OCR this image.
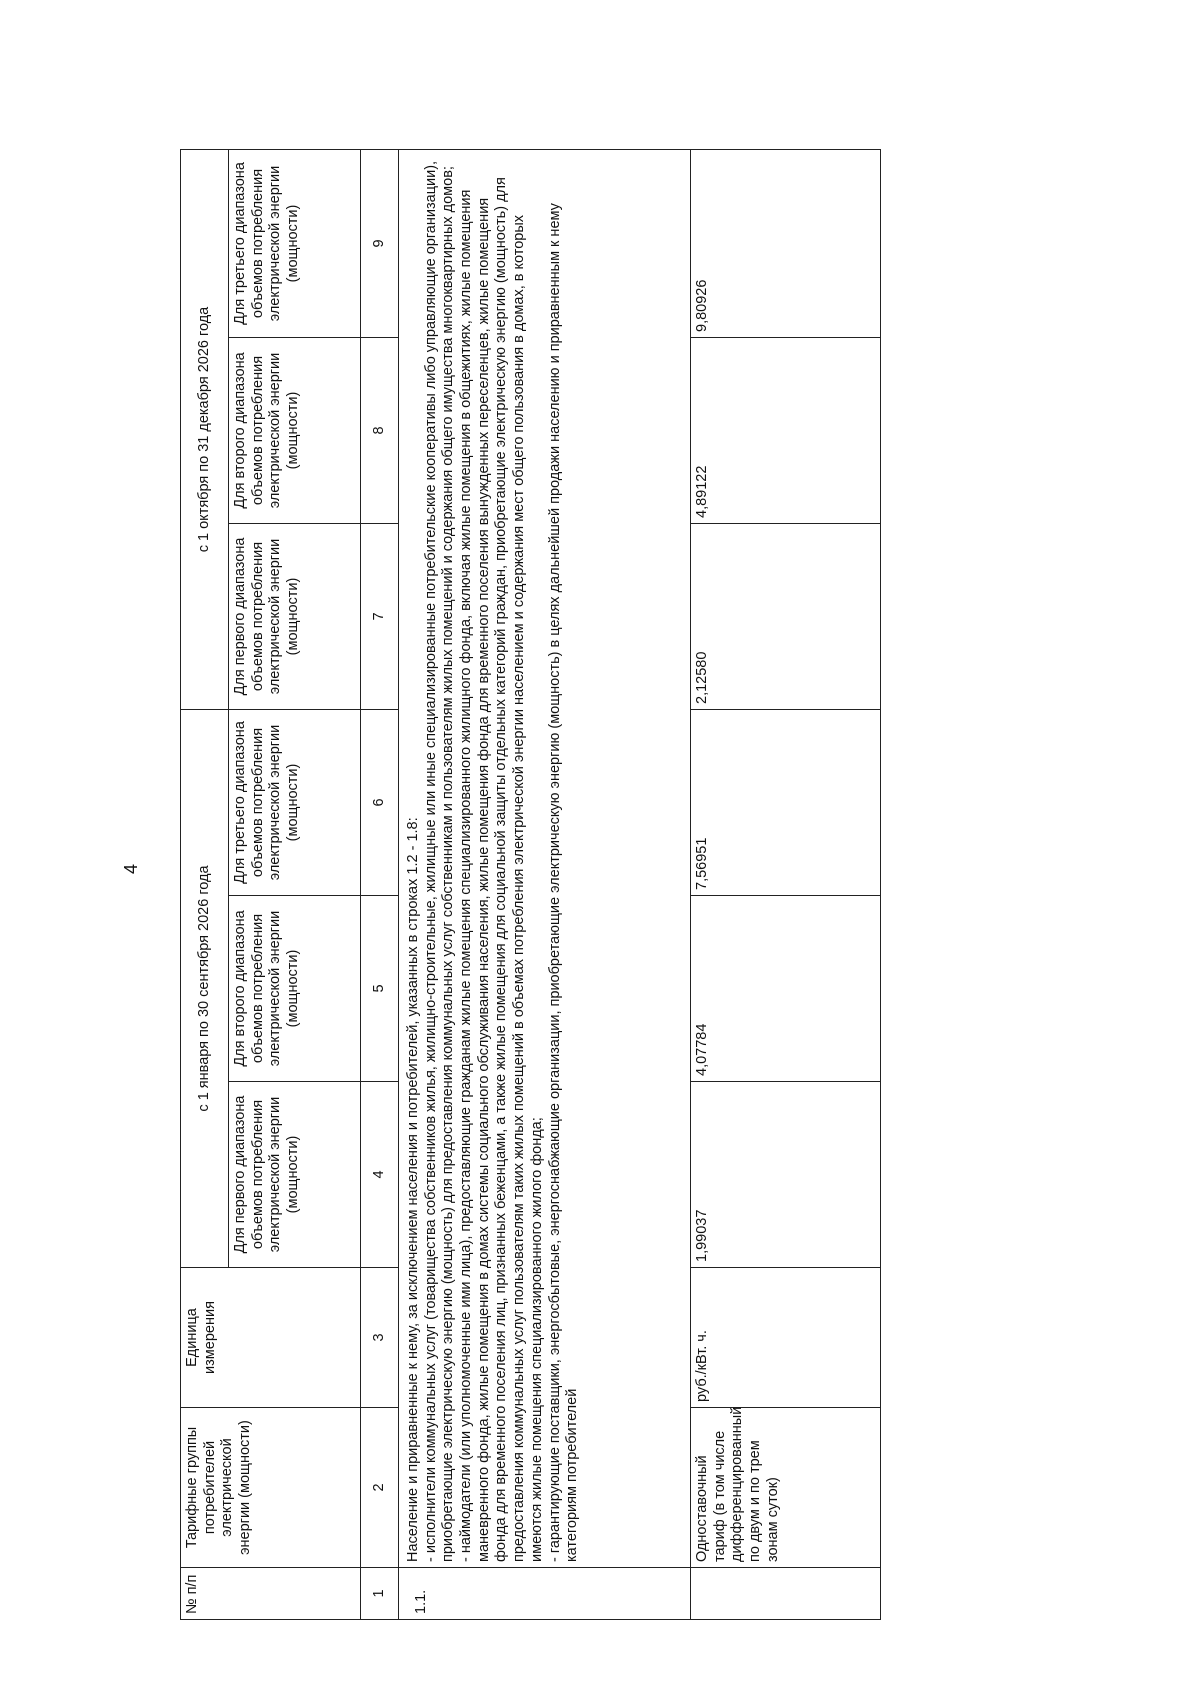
4
№ п/п	Тарифные группы потребителей электрической энергии (мощности)	Единица измерения	с 1 января по 30 сентября 2026 года			с 1 октября по 31 декабря 2026 года		
			Для первого диапазона объемов потребления электрической энергии (мощности)	Для второго диапазона объемов потребления электрической энергии (мощности)	Для третьего диапазона объемов потребления электрической энергии (мощности)	Для первого диапазона объемов потребления электрической энергии (мощности)	Для второго диапазона объемов потребления электрической энергии (мощности)	Для третьего диапазона объемов потребления электрической энергии (мощности)
1	2	3	4	5	6	7	8	9
1.1.	Население и приравненные к нему, за исключением населения и потребителей, указанных в строках 1.2 - 1.8: - исполнители коммунальных услуг (товарищества собственников жилья, жилищно-строительные, жилищные или иные специализированные потребительские кооперативы либо управляющие организации), приобретающие электрическую энергию (мощность) для предоставления коммунальных услуг собственникам и пользователям жилых помещений и содержания общего имущества многоквартирных домов; - наймодатели (или уполномоченные ими лица), предоставляющие гражданам жилые помещения специализированного жилищного фонда, включая жилые помещения в общежитиях, жилые помещения маневренного фонда, жилые помещения в домах системы социального обслуживания населения, жилые помещения фонда для временного поселения вынужденных переселенцев, жилые помещения фонда для временного поселения лиц, признанных беженцами, а также жилые помещения для социальной защиты отдельных категорий граждан, приобретающие электрическую энергию (мощность) для предоставления коммунальных услуг пользователям таких жилых помещений в объемах потребления электрической энергии населением и содержания мест общего пользования в домах, в которых имеются жилые помещения специализированного жилого фонда; - гарантирующие поставщики, энергосбытовые, энергоснабжающие организации, приобретающие электрическую энергию (мощность) в целях дальнейшей продажи населению и приравненным к нему категориям потребителей							

	Одноставочный тариф (в том числе дифференцированный по двум и по трем зонам суток)	руб./кВт. ч.	1,99037	4,07784	7,56951	2,12580	4,89122	9,80926
